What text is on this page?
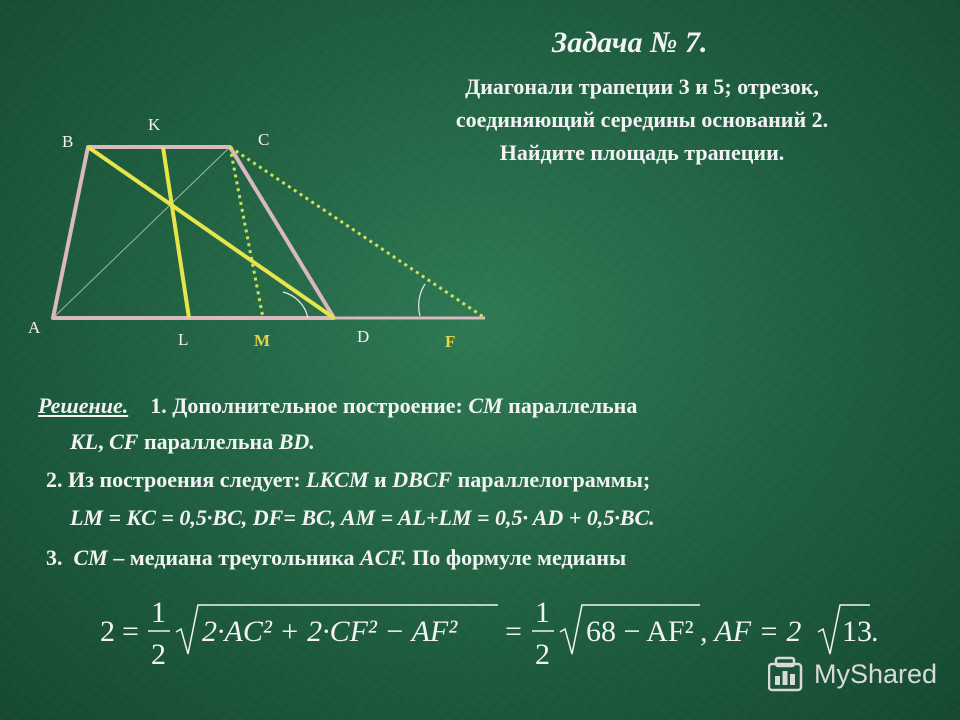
Задача № 7.
Диагонали трапеции 3 и 5; отрезок,
соединяющий середины оснований 2.
Найдите площадь трапеции.
A
B
K
C
L	M	D	F
Решение. 1. Дополнительное построение: CM параллельна
KL, CF параллельна BD.
2. Из построения следует: LKCM и DBCF параллелограммы;
LM = KC = 0,5·BC, DF= BC, AM = AL+LM = 0,5· AD + 0,5·BC.
3. CM – медиана треугольника ACF. По формуле медианы
2 =
1
2
2·AC² + 2·CF² − AF² =
1
2
68 − AF² , AF = 2 13 .
MyShared
